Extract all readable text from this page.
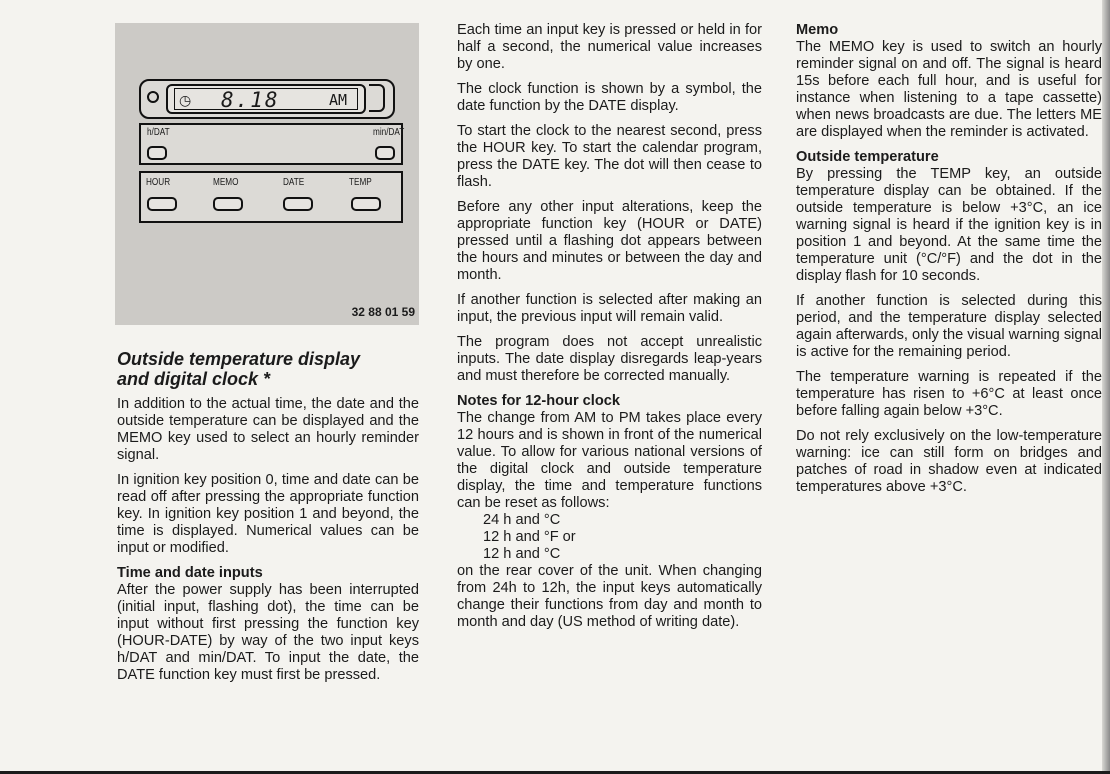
◷ 8.18	AM
h/DAT	min/DAT
HOUR	MEMO	DATE	TEMP
32 88 01 59
Outside temperature display
and digital clock *

In addition to the actual time, the date and the outside temperature can be displayed and the MEMO key used to select an hourly reminder signal.

In ignition key position 0, time and date can be read off after pressing the appropriate function key. In ignition key position 1 and beyond, the time is displayed. Numerical values can be input or modified.

Time and date inputs

After the power supply has been interrupted (initial input, flashing dot), the time can be input without first pressing the function key (HOUR-DATE) by way of the two input keys h/DAT and min/DAT. To input the date, the DATE function key must first be pressed.

Each time an input key is pressed or held in for half a second, the numerical value increases by one.

The clock function is shown by a symbol, the date function by the DATE display.

To start the clock to the nearest second, press the HOUR key. To start the calendar program, press the DATE key. The dot will then cease to flash.

Before any other input alterations, keep the appropriate function key (HOUR or DATE) pressed until a flashing dot appears between the hours and minutes or between the day and month.

If another function is selected after making an input, the previous input will remain valid.

The program does not accept unrealistic inputs. The date display disregards leap-years and must therefore be corrected manually.

Notes for 12-hour clock

The change from AM to PM takes place every 12 hours and is shown in front of the numerical value. To allow for various national versions of the digital clock and outside temperature display, the time and temperature functions can be reset as follows:

24 h and °C
12 h and °F or
12 h and °C

on the rear cover of the unit. When changing from 24h to 12h, the input keys automatically change their functions from day and month to month and day (US method of writing date).

Memo

The MEMO key is used to switch an hourly reminder signal on and off. The signal is heard 15s before each full hour, and is useful for instance when listening to a tape cassette) when news broadcasts are due. The letters ME are displayed when the reminder is activated.

Outside temperature

By pressing the TEMP key, an outside temperature display can be obtained. If the outside temperature is below +3°C, an ice warning signal is heard if the ignition key is in position 1 and beyond. At the same time the temperature unit (°C/°F) and the dot in the display flash for 10 seconds.

If another function is selected during this period, and the temperature display selected again afterwards, only the visual warning signal is active for the remaining period.

The temperature warning is repeated if the temperature has risen to +6°C at least once before falling again below +3°C.

Do not rely exclusively on the low-temperature warning: ice can still form on bridges and patches of road in shadow even at indicated temperatures above +3°C.
